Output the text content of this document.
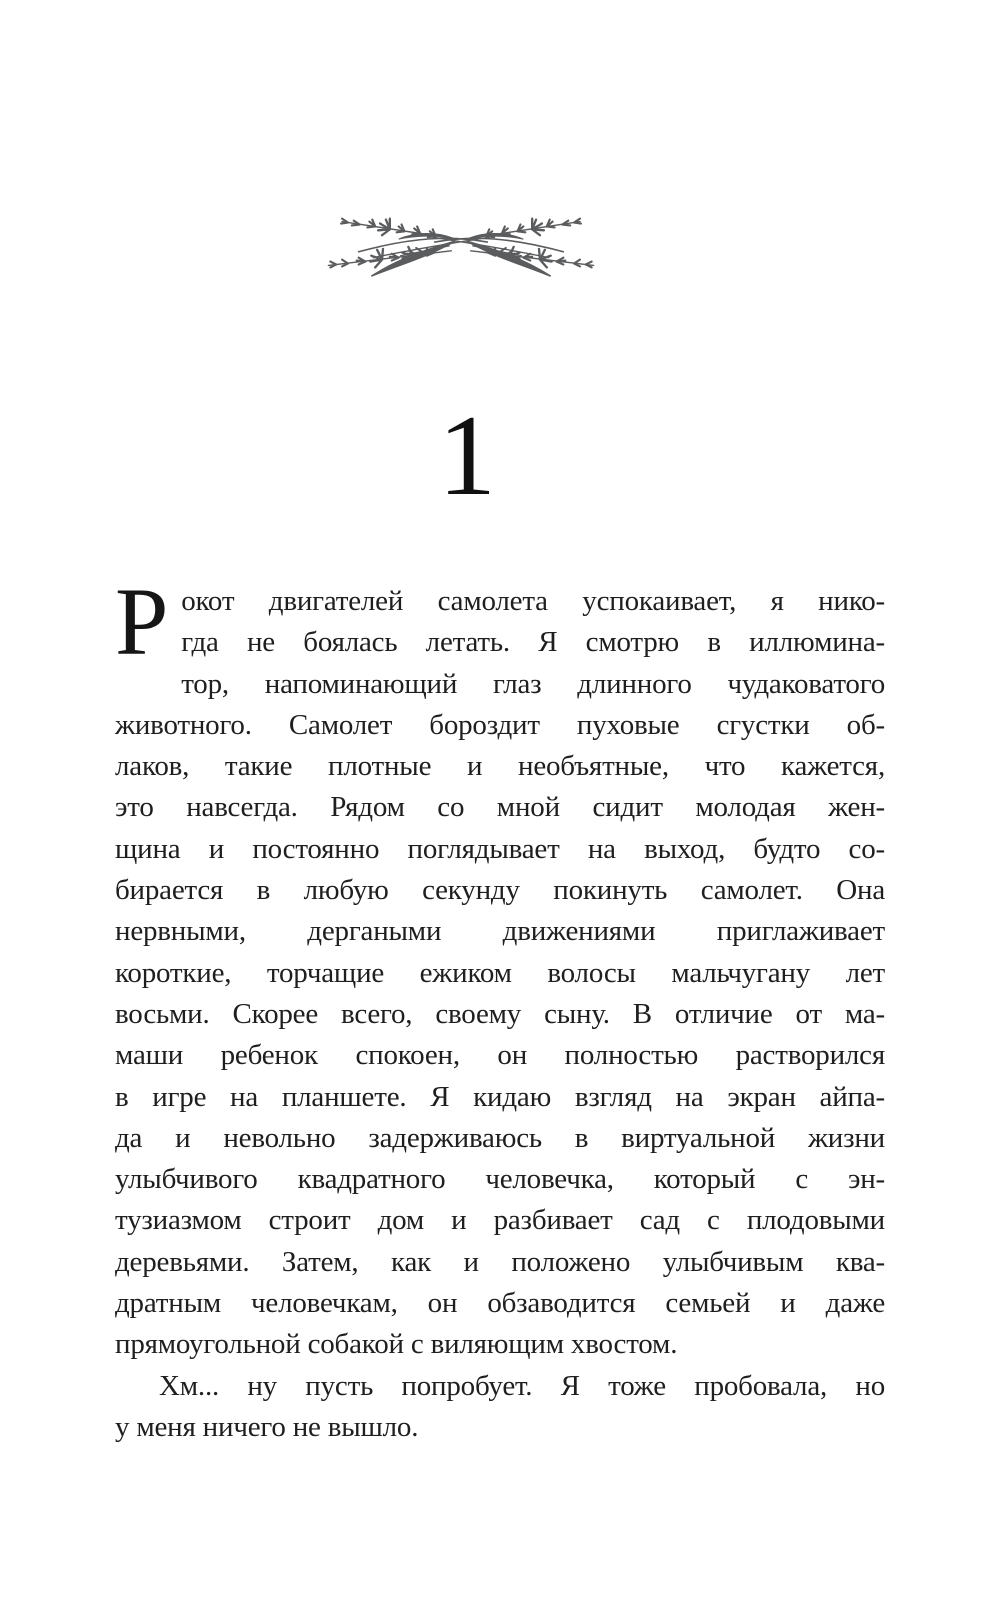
1
Р окот двигателей самолета успокаивает, я нико-
гда не боялась летать. Я смотрю в иллюмина-
тор, напоминающий глаз длинного чудаковатого
животного. Самолет бороздит пуховые сгустки об-
лаков, такие плотные и необъятные, что кажется,
это навсегда. Рядом со мной сидит молодая жен-
щина и постоянно поглядывает на выход, будто со-
бирается в любую секунду покинуть самолет. Она
нервными, дергаными движениями приглаживает
короткие, торчащие ежиком волосы мальчугану лет
восьми. Скорее всего, своему сыну. В отличие от ма-
маши ребенок спокоен, он полностью растворился
в игре на планшете. Я кидаю взгляд на экран айпа-
да и невольно задерживаюсь в виртуальной жизни
улыбчивого квадратного человечка, который с эн-
тузиазмом строит дом и разбивает сад с плодовыми
деревьями. Затем, как и положено улыбчивым ква-
дратным человечкам, он обзаводится семьей и даже
прямоугольной собакой с виляющим хвостом.
Хм... ну пусть попробует. Я тоже пробовала, но
у меня ничего не вышло.
